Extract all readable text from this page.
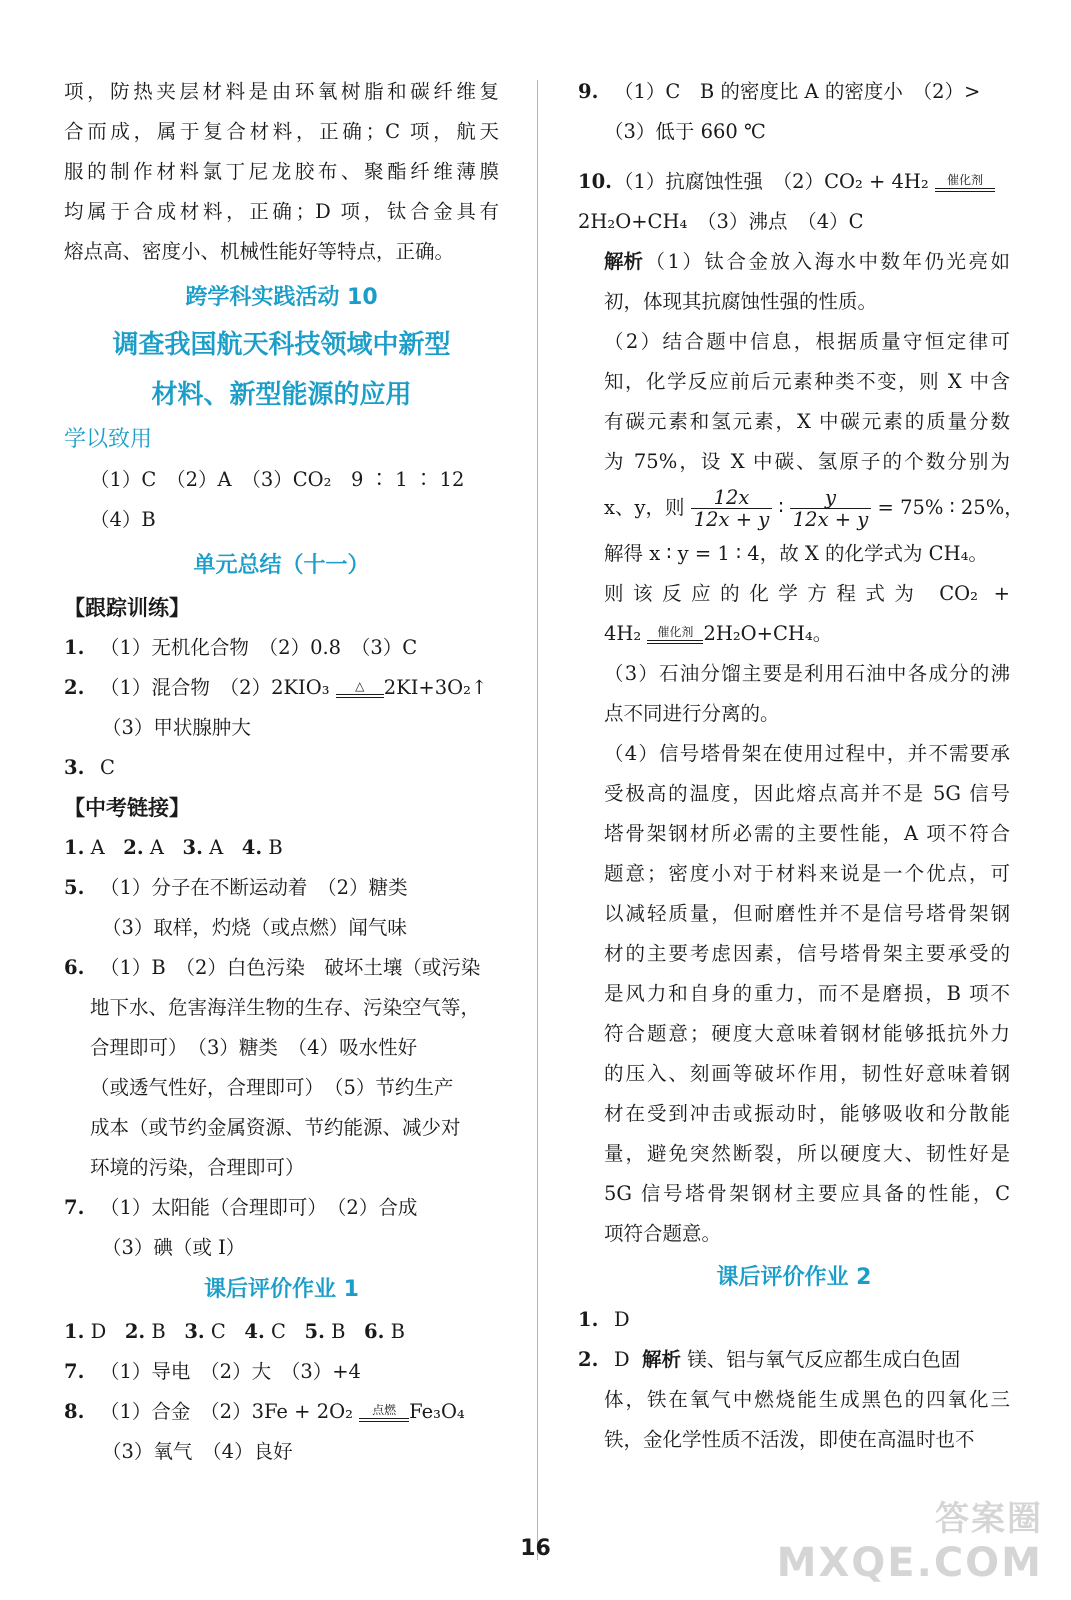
项，防热夹层材料是由环氧树脂和碳纤维复
合而成，属于复合材料，正确；C 项，航天
服的制作材料氯丁尼龙胶布、聚酯纤维薄膜
均属于合成材料，正确；D 项，钛合金具有
熔点高、密度小、机械性能好等特点，正确。
跨学科实践活动 10
调查我国航天科技领域中新型
材料、新型能源的应用
学以致用
（1）C　（2）A　（3）CO₂　9 ∶ 1 ∶ 12
（4）B
单元总结（十一）
【跟踪训练】
1. （1）无机化合物　（2）0.8　（3）C
2. （1）混合物　（2）2KIO₃	△ 2KI+3O₂↑
（3）甲状腺肿大
3. C
【中考链接】
1. A 2. A 3. A 4. B
5. （1）分子在不断运动着　（2）糖类
（3）取样，灼烧（或点燃）闻气味
6. （1）B　（2）白色污染　破坏土壤（或污染
地下水、危害海洋生物的生存、污染空气等，
合理即可）　（3）糖类　（4）吸水性好
（或透气性好，合理即可）　（5）节约生产
成本（或节约金属资源、节约能源、减少对
环境的污染，合理即可）
7. （1）太阳能（合理即可）　（2）合成
（3）碘（或 I）
课后评价作业 1
1. D 2. B 3. C 4. C 5. B 6. B
7. （1）导电　（2）大　（3）+4
8. （1）合金　（2）3Fe + 2O₂	点燃 Fe₃O₄
（3）氧气　（4）良好
9. （1）C　B 的密度比 A 的密度小　（2）>
（3）低于 660 ℃
10. （1）抗腐蚀性强　（2）CO₂ + 4H₂	催化剂
2H₂O+CH₄　（3）沸点　（4）C
解析（1）钛合金放入海水中数年仍光亮如
初，体现其抗腐蚀性强的性质。
（2）结合题中信息，根据质量守恒定律可
知，化学反应前后元素种类不变，则 X 中含
有碳元素和氢元素，X 中碳元素的质量分数
为 75%，设 X 中碳、氢原子的个数分别为
x、y，则 $\frac{12x}{12x + y}$ ∶ $\frac{y}{12x + y} = 75\%$ ∶ 25%，
解得 x ∶ y = 1 ∶ 4，故 X 的化学式为 CH₄。
则该反应的化学方程式为 CO₂ +
4H₂	催化剂 2H₂O+CH₄。
（3）石油分馏主要是利用石油中各成分的沸
点不同进行分离的。
（4）信号塔骨架在使用过程中，并不需要承
受极高的温度，因此熔点高并不是 5G 信号
塔骨架钢材所必需的主要性能，A 项不符合
题意；密度小对于材料来说是一个优点，可
以减轻质量，但耐磨性并不是信号塔骨架钢
材的主要考虑因素，信号塔骨架主要承受的
是风力和自身的重力，而不是磨损，B 项不
符合题意；硬度大意味着钢材能够抵抗外力
的压入、刻画等破坏作用，韧性好意味着钢
材在受到冲击或振动时，能够吸收和分散能
量，避免突然断裂，所以硬度大、韧性好是
5G 信号塔骨架钢材主要应具备的性能，C
项符合题意。
课后评价作业 2
1. D
2. D 解析 镁、铝与氧气反应都生成白色固
体，铁在氧气中燃烧能生成黑色的四氧化三
铁，金化学性质不活泼，即使在高温时也不
16
答案圈
MXQE.COM
